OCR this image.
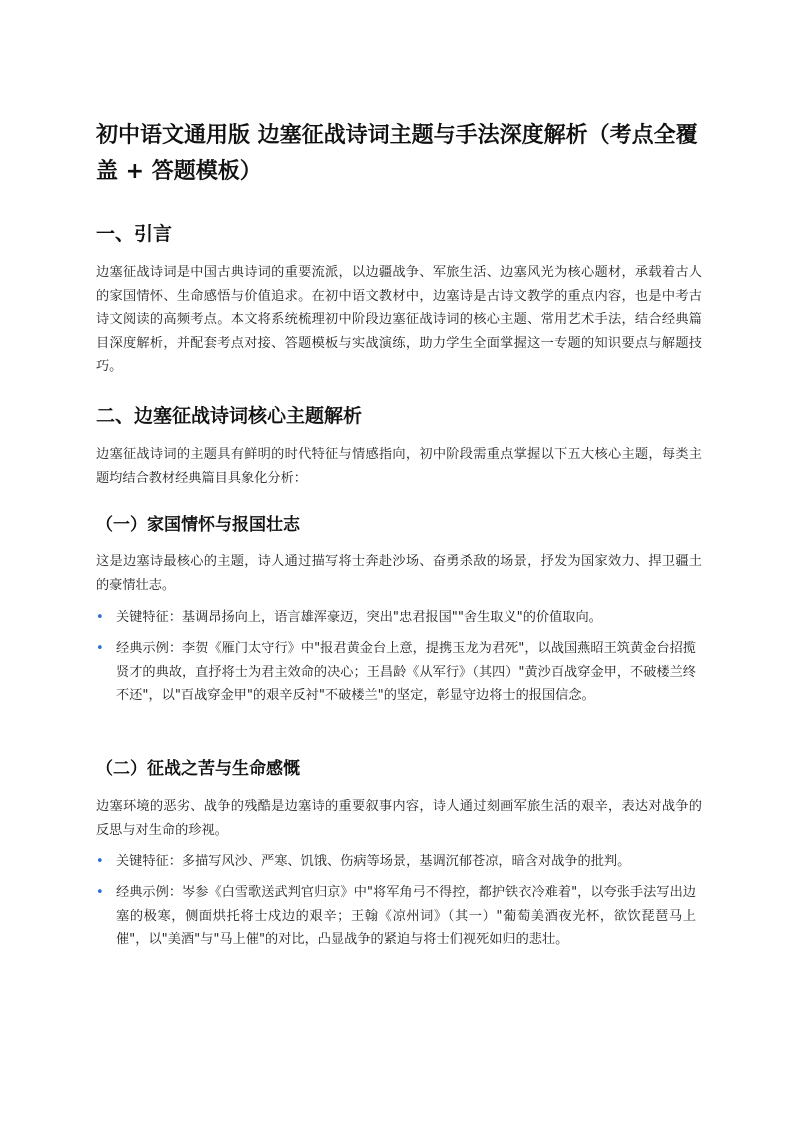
初中语文通用版 边塞征战诗词主题与手法深度解析（考点全覆盖 + 答题模板）
一、引言

边塞征战诗词是中国古典诗词的重要流派，以边疆战争、军旅生活、边塞风光为核心题材，承载着古人的家国情怀、生命感悟与价值追求。在初中语文教材中，边塞诗是古诗文教学的重点内容，也是中考古诗文阅读的高频考点。本文将系统梳理初中阶段边塞征战诗词的核心主题、常用艺术手法，结合经典篇目深度解析，并配套考点对接、答题模板与实战演练，助力学生全面掌握这一专题的知识要点与解题技巧。

二、边塞征战诗词核心主题解析

边塞征战诗词的主题具有鲜明的时代特征与情感指向，初中阶段需重点掌握以下五大核心主题，每类主题均结合教材经典篇目具象化分析：

（一）家国情怀与报国壮志

这是边塞诗最核心的主题，诗人通过描写将士奔赴沙场、奋勇杀敌的场景，抒发为国家效力、捍卫疆土的豪情壮志。

• 关键特征：基调昂扬向上，语言雄浑豪迈，突出"忠君报国""舍生取义"的价值取向。
• 经典示例：李贺《雁门太守行》中"报君黄金台上意，提携玉龙为君死"，以战国燕昭王筑黄金台招揽贤才的典故，直抒将士为君主效命的决心；王昌龄《从军行》（其四）"黄沙百战穿金甲，不破楼兰终不还"，以"百战穿金甲"的艰辛反衬"不破楼兰"的坚定，彰显守边将士的报国信念。
（二）征战之苦与生命感慨

边塞环境的恶劣、战争的残酷是边塞诗的重要叙事内容，诗人通过刻画军旅生活的艰辛，表达对战争的反思与对生命的珍视。

• 关键特征：多描写风沙、严寒、饥饿、伤病等场景，基调沉郁苍凉，暗含对战争的批判。
• 经典示例：岑参《白雪歌送武判官归京》中"将军角弓不得控，都护铁衣冷难着"，以夸张手法写出边塞的极寒，侧面烘托将士戍边的艰辛；王翰《凉州词》（其一）"葡萄美酒夜光杯，欲饮琵琶马上催"，以"美酒"与"马上催"的对比，凸显战争的紧迫与将士们视死如归的悲壮。
